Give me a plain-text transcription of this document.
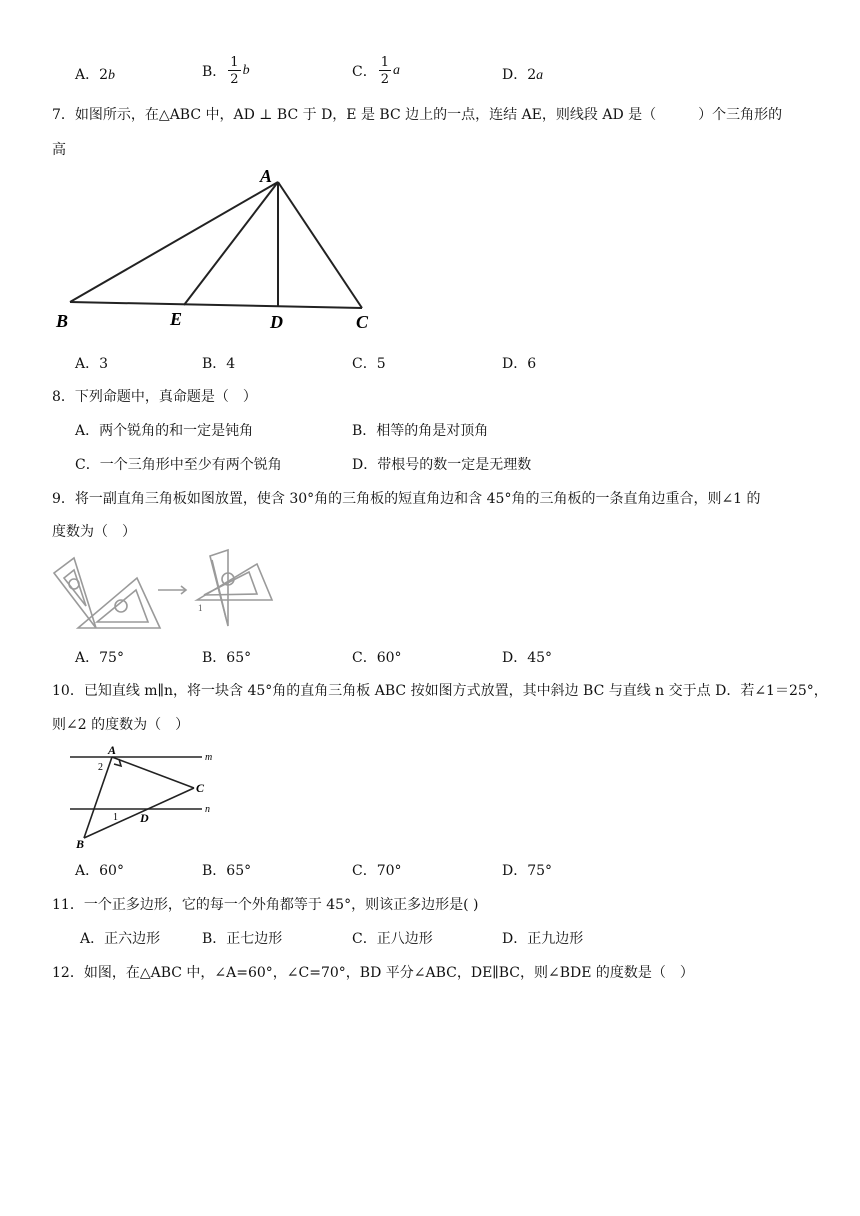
A．2b	B． $\frac{1}{2}$ b	C． $\frac{1}{2}$ a	D．2a
7．如图所示，在△ABC 中，AD ⊥ BC 于 D，E 是 BC 边上的一点，连结 AE，则线段 AD 是（　　　）个三角形的
高
A
B	E	D	C
A．3	B．4	C．5	D．6
8．下列命题中，真命题是（　）
A．两个锐角的和一定是钝角	B．相等的角是对顶角
C．一个三角形中至少有两个锐角	D．带根号的数一定是无理数
9．将一副直角三角板如图放置，使含 30°角的三角板的短直角边和含 45°角的三角板的一条直角边重合，则∠1 的
度数为（　）
1
A．75°	B．65°	C．60°	D．45°
10．已知直线 m∥n，将一块含 45°角的直角三角板 ABC 按如图方式放置，其中斜边 BC 与直线 n 交于点 D．若∠1＝25°，
则∠2 的度数为（　）
A
B
C
D
m
n
1
2
A．60°	B．65°	C．70°	D．75°
11．一个正多边形，它的每一个外角都等于 45°，则该正多边形是( )
A．正六边形	B．正七边形	C．正八边形	D．正九边形
12．如图，在△ABC 中，∠A=60°，∠C=70°，BD 平分∠ABC，DE∥BC，则∠BDE 的度数是（　）
